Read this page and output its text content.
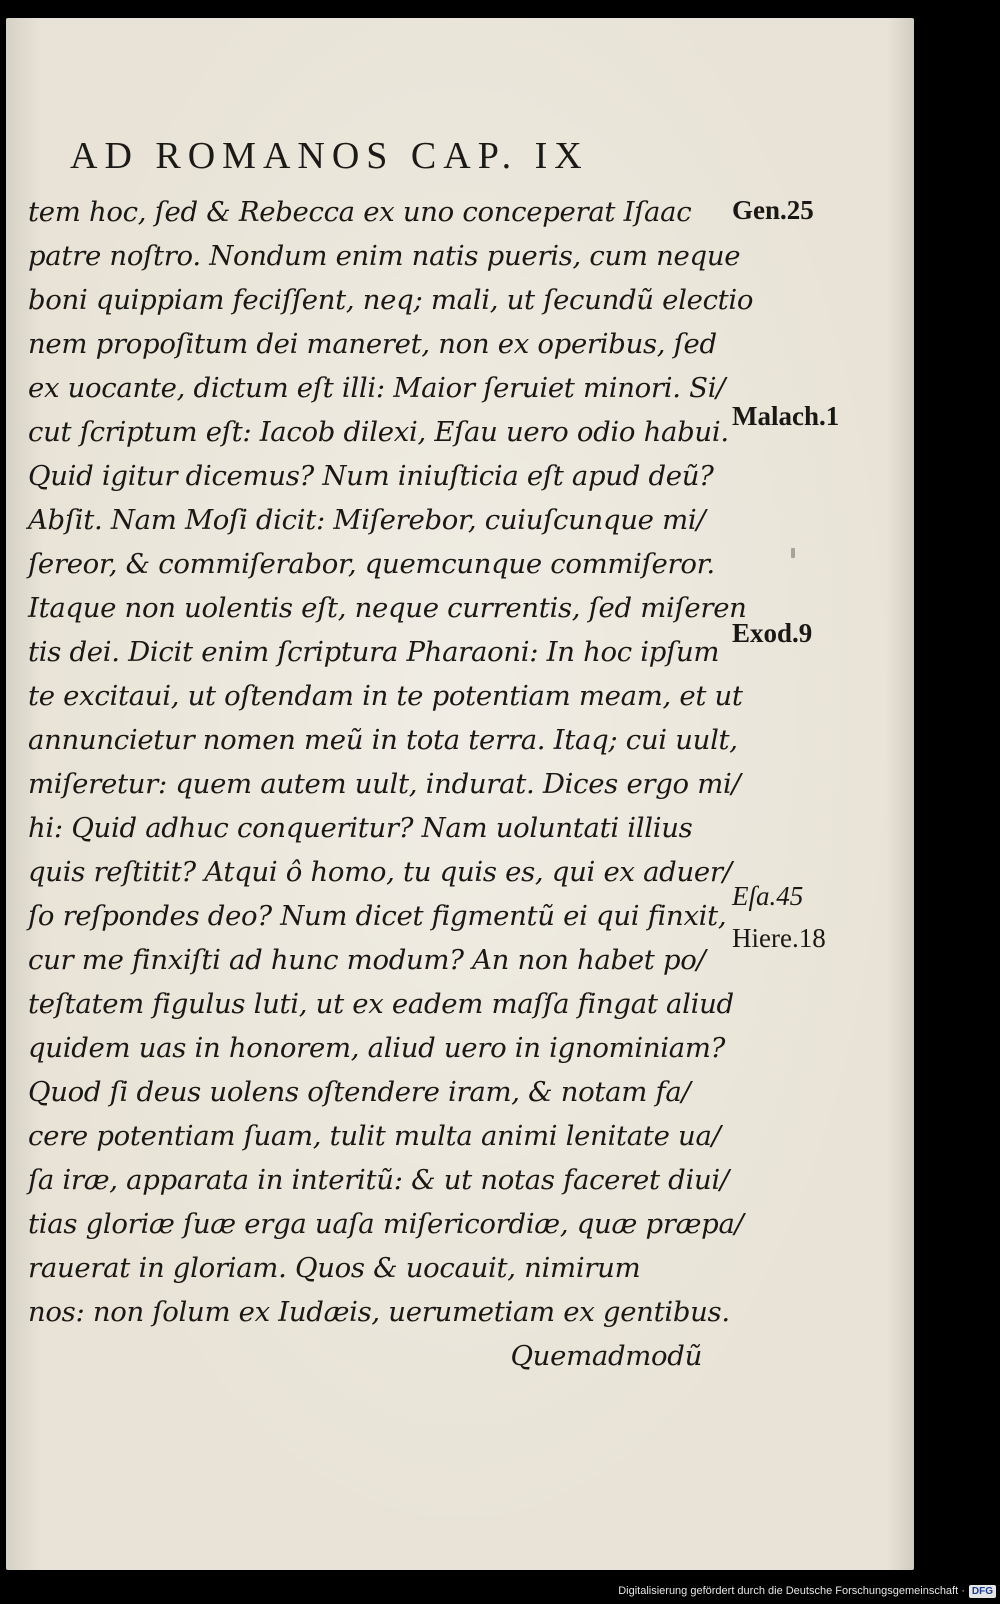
AD ROMANOS CAP. IX
tem hoc, ſed & Rebecca ex uno conceperat Iſaac
patre noſtro. Nondum enim natis pueris, cum neque
boni quippiam feciſſent, neq; mali, ut ſecundũ electio
nem propoſitum dei maneret, non ex operibus, ſed
ex uocante, dictum eſt illi: Maior ſeruiet minori. Si/
cut ſcriptum eſt: Iacob dilexi, Eſau uero odio habui.
Quid igitur dicemus? Num iniuſticia eſt apud deũ?
Abſit. Nam Moſi dicit: Miſerebor, cuiuſcunque mi/
ſereor, & commiſerabor, quemcunque commiſeror.
Itaque non uolentis eſt, neque currentis, ſed miſeren
tis dei. Dicit enim ſcriptura Pharaoni: In hoc ipſum
te excitaui, ut oſtendam in te potentiam meam, et ut
annuncietur nomen meũ in tota terra. Itaq; cui uult,
miſeretur: quem autem uult, indurat. Dices ergo mi/
hi: Quid adhuc conqueritur? Nam uoluntati illius
quis reſtitit? Atqui ô homo, tu quis es, qui ex aduer/
ſo reſpondes deo? Num dicet figmentũ ei qui finxit,
cur me finxiſti ad hunc modum? An non habet po/
teſtatem figulus luti, ut ex eadem maſſa fingat aliud
quidem uas in honorem, aliud uero in ignominiam?
Quod ſi deus uolens oſtendere iram, & notam fa/
cere potentiam ſuam, tulit multa animi lenitate ua/
ſa iræ, apparata in interitũ: & ut notas faceret diui/
tias gloriæ ſuæ erga uaſa miſericordiæ, quæ præpa/
rauerat in gloriam. Quos & uocauit, nimirum
nos: non ſolum ex Iudæis, uerumetiam ex gentibus.
Quemadmodũ
Gen.25
Malach.1
Exod.9
Eſa.45
Hiere.18
Digitalisierung gefördert durch die Deutsche Forschungsgemeinschaft · DFG
